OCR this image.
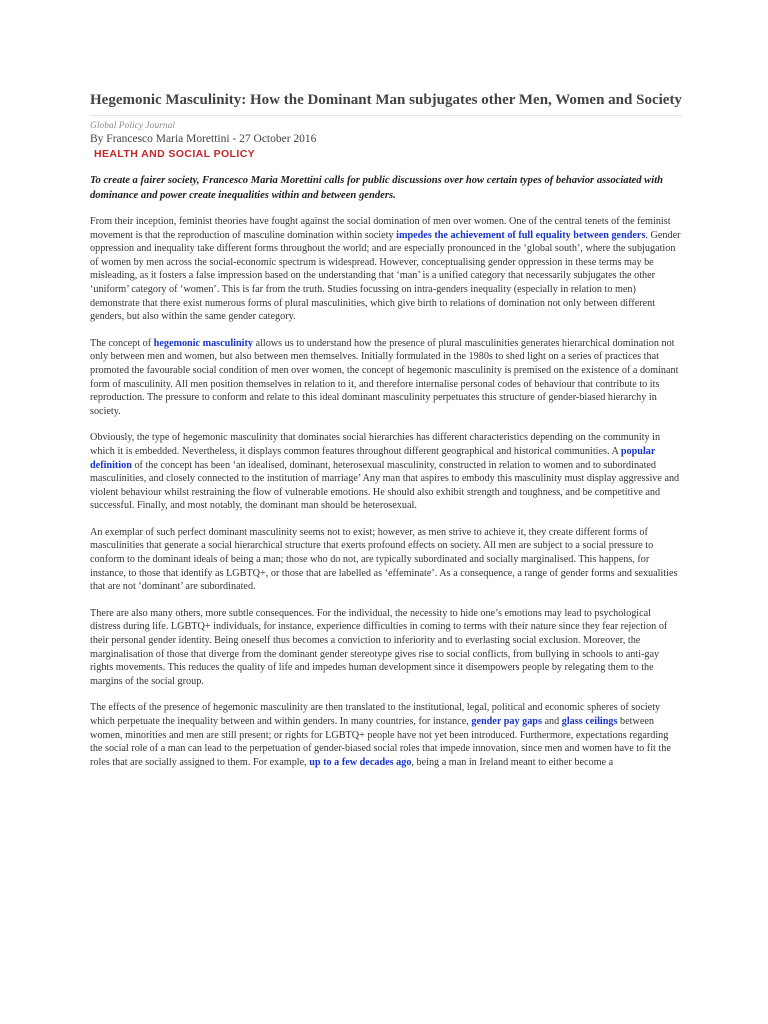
Hegemonic Masculinity: How the Dominant Man subjugates other Men, Women and Society
Global Policy Journal
By Francesco Maria Morettini - 27 October 2016
HEALTH AND SOCIAL POLICY
To create a fairer society, Francesco Maria Morettini calls for public discussions over how certain types of behavior associated with dominance and power create inequalities within and between genders.

From their inception, feminist theories have fought against the social domination of men over women. One of the central tenets of the feminist movement is that the reproduction of masculine domination within society impedes the achievement of full equality between genders. Gender oppression and inequality take different forms throughout the world; and are especially pronounced in the ‘global south’, where the subjugation of women by men across the social-economic spectrum is widespread. However, conceptualising gender oppression in these terms may be misleading, as it fosters a false impression based on the understanding that ‘man’ is a unified category that necessarily subjugates the other ‘uniform’ category of ‘women’. This is far from the truth. Studies focussing on intra-genders inequality (especially in relation to men) demonstrate that there exist numerous forms of plural masculinities, which give birth to relations of domination not only between different genders, but also within the same gender category.

The concept of hegemonic masculinity allows us to understand how the presence of plural masculinities generates hierarchical domination not only between men and women, but also between men themselves. Initially formulated in the 1980s to shed light on a series of practices that promoted the favourable social condition of men over women, the concept of hegemonic masculinity is premised on the existence of a dominant form of masculinity. All men position themselves in relation to it, and therefore internalise personal codes of behaviour that contribute to its reproduction. The pressure to conform and relate to this ideal dominant masculinity perpetuates this structure of gender-biased hierarchy in society.

Obviously, the type of hegemonic masculinity that dominates social hierarchies has different characteristics depending on the community in which it is embedded. Nevertheless, it displays common features throughout different geographical and historical communities. A popular definition of the concept has been ‘an idealised, dominant, heterosexual masculinity, constructed in relation to women and to subordinated masculinities, and closely connected to the institution of marriage’ Any man that aspires to embody this masculinity must display aggressive and violent behaviour whilst restraining the flow of vulnerable emotions. He should also exhibit strength and toughness, and be competitive and successful. Finally, and most notably, the dominant man should be heterosexual.

An exemplar of such perfect dominant masculinity seems not to exist; however, as men strive to achieve it, they create different forms of masculinities that generate a social hierarchical structure that exerts profound effects on society. All men are subject to a social pressure to conform to the dominant ideals of being a man; those who do not, are typically subordinated and socially marginalised. This happens, for instance, to those that identify as LGBTQ+, or those that are labelled as ‘effeminate’. As a consequence, a range of gender forms and sexualities that are not ‘dominant’ are subordinated.

There are also many others, more subtle consequences. For the individual, the necessity to hide one’s emotions may lead to psychological distress during life. LGBTQ+ individuals, for instance, experience difficulties in coming to terms with their nature since they fear rejection of their personal gender identity. Being oneself thus becomes a conviction to inferiority and to everlasting social exclusion. Moreover, the marginalisation of those that diverge from the dominant gender stereotype gives rise to social conflicts, from bullying in schools to anti-gay rights movements. This reduces the quality of life and impedes human development since it disempowers people by relegating them to the margins of the social group.

The effects of the presence of hegemonic masculinity are then translated to the institutional, legal, political and economic spheres of society which perpetuate the inequality between and within genders. In many countries, for instance, gender pay gaps and glass ceilings between women, minorities and men are still present; or rights for LGBTQ+ people have not yet been introduced. Furthermore, expectations regarding the social role of a man can lead to the perpetuation of gender-biased social roles that impede innovation, since men and women have to fit the roles that are socially assigned to them. For example, up to a few decades ago, being a man in Ireland meant to either become a
